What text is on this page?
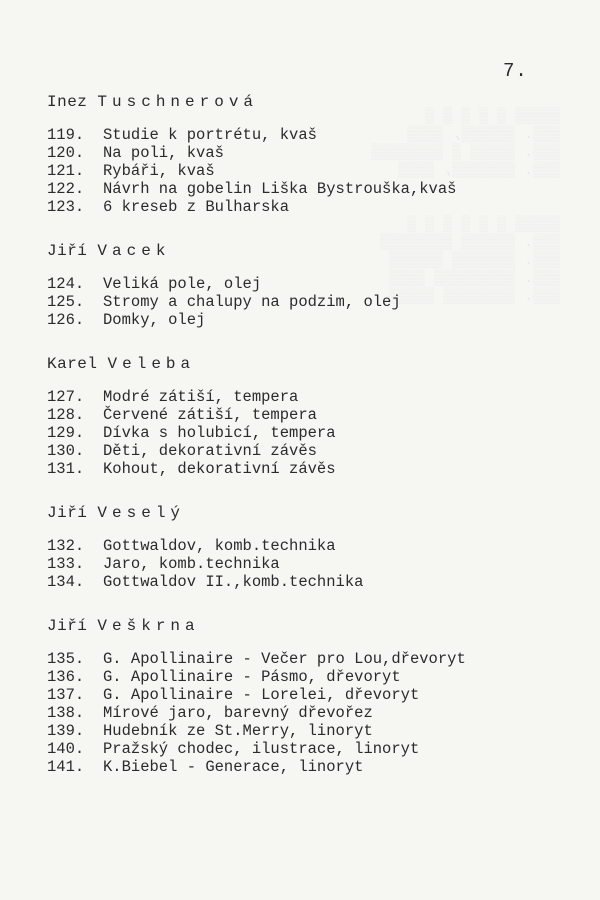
▒▒▒▒▒ ▒ ▒ ▒ ▒ ▒
▒▒▒. ▒▒▒▒▒▒, ▒▒▒▒
▒▒▒. ▒▒▒▒▒ ▒ ▒▒▒▒▒▒▒▒
▒▒▒. ▒▒▒▒▒▒▒, ▒▒▒▒

▒▒▒▒▒ ▒ ▒ ▒ ▒ ▒ ▒
▒▒▒. ▒▒▒▒▒▒ ▒▒▒▒▒▒▒▒
▒▒▒. ▒▒▒▒▒▒▒ ▒▒▒▒▒▒
▒▒▒. ▒▒▒▒▒▒▒▒▒ ▒▒▒▒
▒▒▒. ▒▒▒▒▒▒▒▒ ▒▒▒▒▒

7.

Inez Tuschnerová

119.	Studie k portrétu, kvaš
120.	Na poli, kvaš
121.	Rybáři, kvaš
122.	Návrh na gobelin Liška Bystrouška,kvaš
123.	6 kreseb z Bulharska

Jiří Vacek

124.	Veliká pole, olej
125.	Stromy a chalupy na podzim, olej
126.	Domky, olej

Karel Veleba

127.	Modré zátiší, tempera
128.	Červené zátiší, tempera
129.	Dívka s holubicí, tempera
130.	Děti, dekorativní závěs
131.	Kohout, dekorativní závěs

Jiří Veselý

132.	Gottwaldov, komb.technika
133.	Jaro, komb.technika
134.	Gottwaldov II.,komb.technika

Jiří Veškrna

135.	G. Apollinaire - Večer pro Lou,dřevoryt
136.	G. Apollinaire - Pásmo, dřevoryt
137.	G. Apollinaire - Lorelei, dřevoryt
138.	Mírové jaro, barevný dřevořez
139.	Hudebník ze St.Merry, linoryt
140.	Pražský chodec, ilustrace, linoryt
141.	K.Biebel - Generace, linoryt
